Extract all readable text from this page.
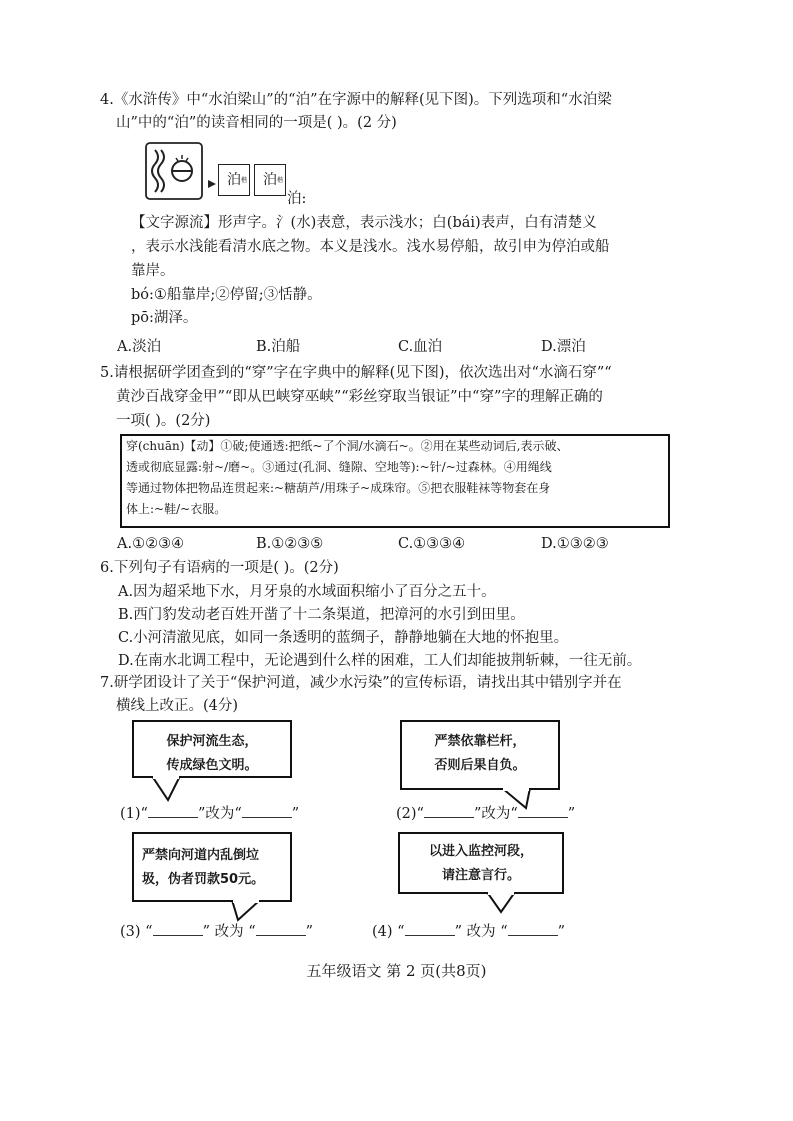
4.《水浒传》中“水泊梁山”的“泊”在字源中的解释(见下图)。下列选项和“水泊梁
山”中的“泊”的读音相同的一项是( )。(2 分)
泊 楷	泊 楷
泊:
【文字源流】形声字。氵(水)表意，表示浅水；白(bái)表声，白有清楚义
，表示水浅能看清水底之物。本义是浅水。浅水易停船，故引申为停泊或船
靠岸。
bó:①船靠岸;②停留;③恬静。
pō:湖泽。
A.淡泊	B.泊船	C.血泊	D.漂泊
5.请根据研学团查到的“穿”字在字典中的解释(见下图)，依次选出对“水滴石穿”“
黄沙百战穿金甲”“即从巴峡穿巫峡”“彩丝穿取当银证”中“穿”字的理解正确的
一项( )。(2分)
穿(chuān)【动】①破;使通透:把纸~了个洞/水滴石~。②用在某些动词后,表示破、
透或彻底显露:射~/磨~。③通过(孔洞、缝隙、空地等):~针/~过森林。④用绳线
等通过物体把物品连贯起来:~糖葫芦/用珠子~成珠帘。⑤把衣服鞋袜等物套在身
体上:~鞋/~衣服。
A.①②③④	B.①②③⑤	C.①③③④	D.①③②③
6.下列句子有语病的一项是( )。(2分)
A.因为超采地下水，月牙泉的水域面积缩小了百分之五十。
B.西门豹发动老百姓开凿了十二条渠道，把漳河的水引到田里。
C.小河清澈见底，如同一条透明的蓝绸子，静静地躺在大地的怀抱里。
D.在南水北调工程中，无论遇到什么样的困难，工人们却能披荆斩棘，一往无前。
7.研学团设计了关于“保护河道，减少水污染”的宣传标语，请找出其中错别字并在
横线上改正。(4分)
保护河流生态，
传成绿色文明。
严禁依靠栏杆，
否则后果自负。
(1)“	”改为“	”	(2)“	”改为“	”
严禁向河道内乱倒垃
圾，伪者罚款50元。
以进入监控河段，
请注意言行。
(3) “	” 改为 “	”	(4) “	” 改为 “	”
五年级语文 第 2 页(共8页)
